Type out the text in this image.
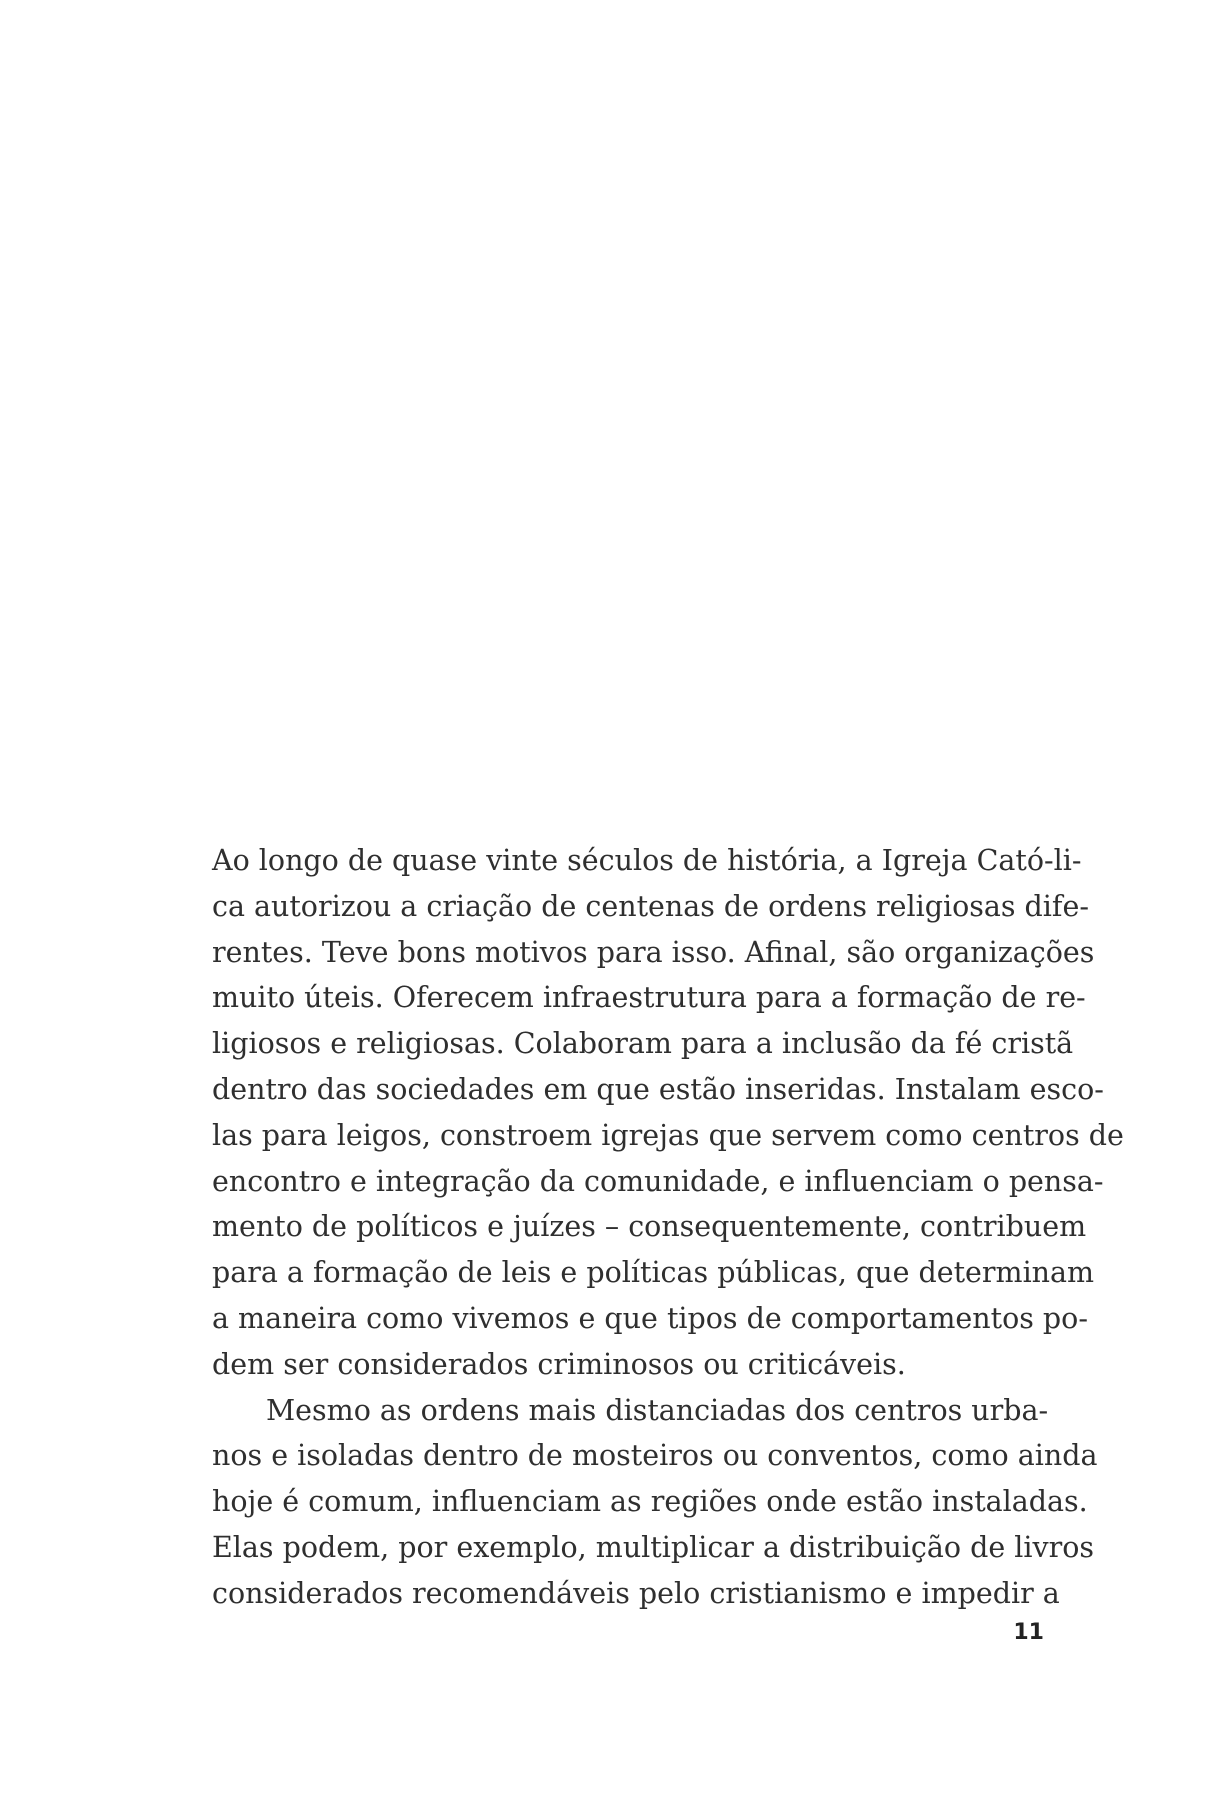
Ao longo de quase vinte séculos de história, a Igreja Cató-li-
ca autorizou a criação de centenas de ordens religiosas dife-
rentes. Teve bons motivos para isso. Afinal, são organizações
muito úteis. Oferecem infraestrutura para a formação de re-
ligiosos e religiosas. Colaboram para a inclusão da fé cristã
dentro das sociedades em que estão inseridas. Instalam esco-
las para leigos, constroem igrejas que servem como centros de
encontro e integração da comunidade, e influenciam o pensa-
mento de políticos e juízes – consequentemente, contribuem
para a formação de leis e políticas públicas, que determinam
a maneira como vivemos e que tipos de comportamentos po-
dem ser considerados criminosos ou criticáveis.
Mesmo as ordens mais distanciadas dos centros urba-
nos e isoladas dentro de mosteiros ou conventos, como ainda
hoje é comum, influenciam as regiões onde estão instaladas.
Elas podem, por exemplo, multiplicar a distribuição de livros
considerados recomendáveis pelo cristianismo e impedir a
11
